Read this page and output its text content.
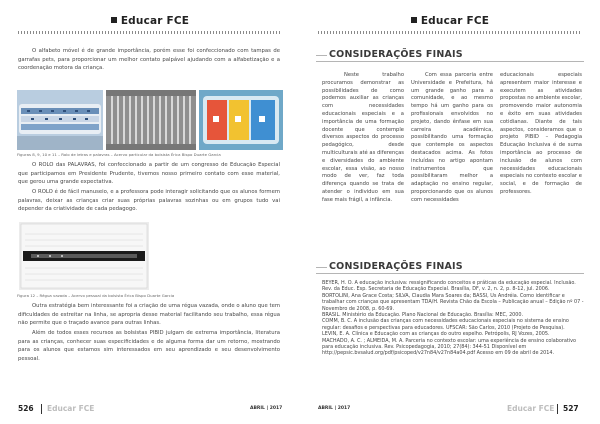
Educar FCE

O alfabeto móvel é de grande importância, porém esse foi confeccionado com tampas de garrafas pets, para proporcionar um melhor contato palpável ajudando com a alfabetização e a coordenação motora da criança.

Figuras 8, 9, 10 e 11 – Rolo de letras e palavras – Acervo particular da bolsista Érica Bispo Duarte Garcia

O ROLO das PALAVRAS, foi confeccionado a partir de um congresso de Educação Especial que participamos em Presidente Prudente, tivemos nosso primeiro contato com esse material, que gerou uma grande expectativa.

O ROLO é de fácil manuseio, e a professora pode interagir solicitando que os alunos formem palavras, deixar as crianças criar suas próprias palavras sozinhas ou em grupos tudo vai depender da criatividade de cada pedagogo.

Figura 12 – Régua vazada – Acervo pessoal da bolsista Érica Bispo Duarte Garcia

Outra estratégia bem interessante foi a criação de uma régua vazada, onde o aluno que tem dificuldades de estreitar na linha, se apropria desse material facilitando seu trabalho, essa régua não permite que o traçado avance para outras linhas.

Além de todos esses recursos as bolsistas PIBID julgam de extrema importância, literatura para as crianças, conhecer suas especificidades e de alguma forma dar um retorno, mostrando para os alunos que estamos sim interessados em seu aprendizado e seu desenvolvimento pessoal.

526 Educar FCE	ABRIL | 2017
Educar FCE
CONSIDERAÇÕES FINAIS

Neste trabalho procuramos demonstrar as possibilidades de como podemos auxiliar as crianças com necessidades educacionais especiais e a importância de uma formação docente que contemple diversos aspectos do processo pedagógico, desde multiculturais até as diferenças e diversidades do ambiente escolar, essa visão, ao nosso modo de ver, faz toda diferença quando se trata de atender o individuo em sua fase mais frágil, a infância.

Com essa parceria entre Universidade e Prefeitura, há um grande ganho para a comunidade, e ao mesmo tempo há um ganho para os profissionais envolvidos no projeto, dando ênfase em sua carreira acadêmica, possibilitando uma formação que contemple os aspectos destacados acima. As fotos incluídas no artigo apontam instrumentos que possibilitaram melhor a adaptação no ensino regular, proporcionando que os alunos com necessidades

educacionais especiais apresentem maior interesse e executem as atividades propostas no ambiente escolar, promovendo maior autonomia e êxito em suas atividades cotidianas. Diante de tais aspectos, consideramos que o projeto PIBID – Pedagogia Educação Inclusiva é de suma importância ao processo de inclusão de alunos com necessidades educacionais especiais no contexto escolar e social, e de formação de professores.

CONSIDERAÇÕES FINAIS

BEYER, H. O. A educação inclusiva: ressignificando conceitos e práticas da educação especial. Inclusão. Rev. da Educ. Esp. Secretaria de Educação Especial. Brasília, DF, v. 2, n. 2, p. 8-12, jul. 2006.

BORTOLINI, Ana Grace Costa; SILVA, Claudia Mara Soares da; BASSI, Us Andréia. Como identificar e trabalhar com crianças que apresentam TDA/H. Revista Chão da Escola – Publicação anual – Edição nº 07 - Novembro de 2008, p. 60-69.

BRASIL. Ministério da Educação. Plano Nacional de Educação. Brasília: MEC, 2000.

COMM, B. C. A inclusão das crianças com necessidades educacionais especiais no sistema de ensino regular: desafios e perspectivas para educadores. UFSCAR: São Carlos, 2010 (Projeto de Pesquisa).

LEVIN, E. A. Clínica e Educação com as crianças do outro espelho. Petrópolis, RJ Vozes, 2005.

MACHADO, A. C. ; ALMEIDA, M. A. Parceria no contexto escolar: uma experiência de ensino colaborativo para educação inclusiva. Rev. Psicopedagogia, 2010; 27(84): 344-51 Disponível em http://pepsic.bvsalud.org/pdf/psicoped/v27n84/v27n84a04.pdf Acesso em 09 de abril de 2014.

ABRIL | 2017	Educar FCE 527
